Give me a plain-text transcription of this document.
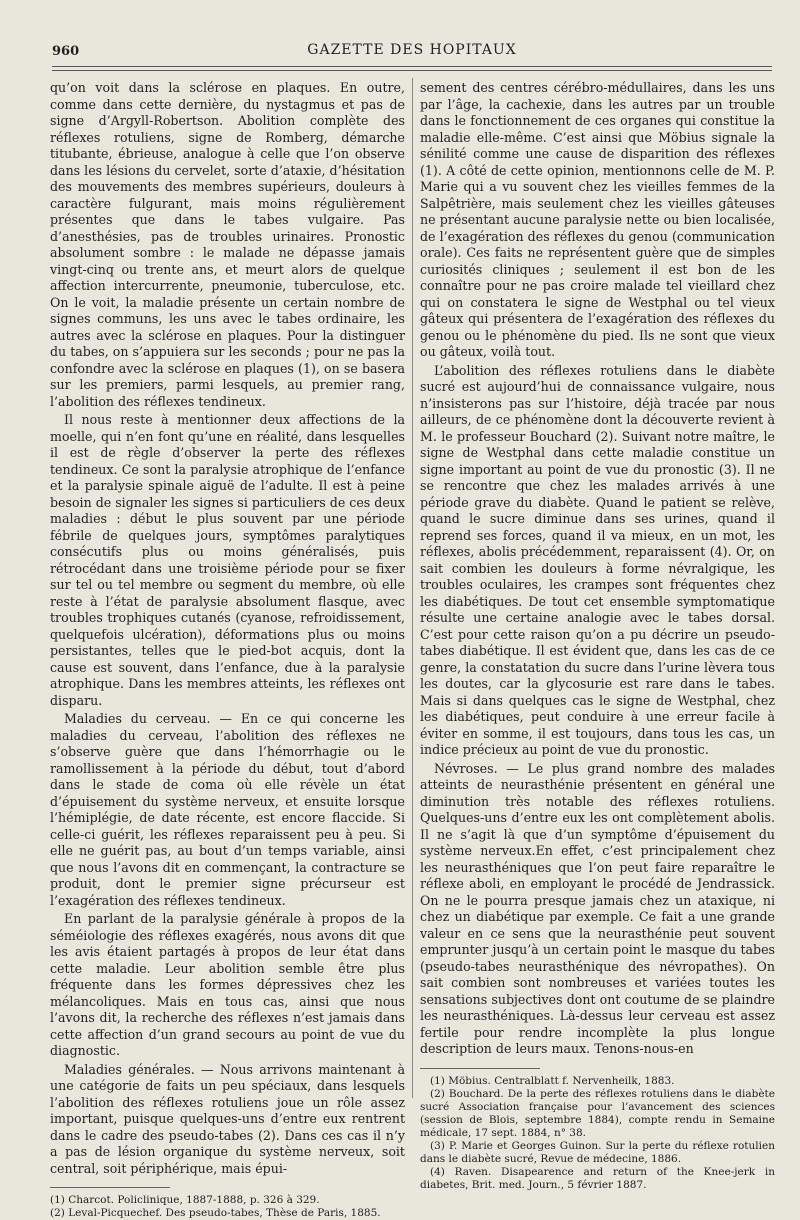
960	GAZETTE DES HOPITAUX

qu’on voit dans la sclérose en plaques. En outre, comme dans cette dernière, du nystagmus et pas de signe d’Argyll-Robertson. Abolition complète des réflexes rotuliens, signe de Romberg, démarche titubante, ébrieuse, analogue à celle que l’on observe dans les lésions du cervelet, sorte d’ataxie, d’hésitation des mouvements des membres supérieurs, douleurs à caractère fulgurant, mais moins régulièrement présentes que dans le tabes vulgaire. Pas d’anesthésies, pas de troubles urinaires. Pronostic absolument sombre : le malade ne dépasse jamais vingt-cinq ou trente ans, et meurt alors de quelque affection intercurrente, pneumonie, tuberculose, etc. On le voit, la maladie présente un certain nombre de signes communs, les uns avec le tabes ordinaire, les autres avec la sclérose en plaques. Pour la distinguer du tabes, on s’appuiera sur les seconds ; pour ne pas la confondre avec la sclérose en plaques (1), on se basera sur les premiers, parmi lesquels, au premier rang, l’abolition des réflexes tendineux.

Il nous reste à mentionner deux affections de la moelle, qui n’en font qu’une en réalité, dans lesquelles il est de règle d’observer la perte des réflexes tendineux. Ce sont la paralysie atrophique de l’enfance et la paralysie spinale aiguë de l’adulte. Il est à peine besoin de signaler les signes si particuliers de ces deux maladies : début le plus souvent par une période fébrile de quelques jours, symptômes paralytiques consécutifs plus ou moins généralisés, puis rétrocédant dans une troisième période pour se fixer sur tel ou tel membre ou segment du membre, où elle reste à l’état de paralysie absolument flasque, avec troubles trophiques cutanés (cyanose, refroidissement, quelquefois ulcération), déformations plus ou moins persistantes, telles que le pied-bot acquis, dont la cause est souvent, dans l’enfance, due à la paralysie atrophique. Dans les membres atteints, les réflexes ont disparu.

Maladies du cerveau. — En ce qui concerne les maladies du cerveau, l’abolition des réflexes ne s’observe guère que dans l’hémorrhagie ou le ramollissement à la période du début, tout d’abord dans le stade de coma où elle révèle un état d’épuisement du système nerveux, et ensuite lorsque l’hémiplégie, de date récente, est encore flaccide. Si celle-ci guérit, les réflexes reparaissent peu à peu. Si elle ne guérit pas, au bout d’un temps variable, ainsi que nous l’avons dit en commençant, la contracture se produit, dont le premier signe précurseur est l’exagération des réflexes tendineux.

En parlant de la paralysie générale à propos de la séméiologie des réflexes exagérés, nous avons dit que les avis étaient partagés à propos de leur état dans cette maladie. Leur abolition semble être plus fréquente dans les formes dépressives chez les mélancoliques. Mais en tous cas, ainsi que nous l’avons dit, la recherche des réflexes n’est jamais dans cette affection d’un grand secours au point de vue du diagnostic.

Maladies générales. — Nous arrivons maintenant à une catégorie de faits un peu spéciaux, dans lesquels l’abolition des réflexes rotuliens joue un rôle assez important, puisque quelques-uns d’entre eux rentrent dans le cadre des pseudo-tabes (2). Dans ces cas il n’y a pas de lésion organique du système nerveux, soit central, soit périphérique, mais épui-

(1) Charcot. Policlinique, 1887-1888, p. 326 à 329.

(2) Leval-Picquechef. Des pseudo-tabes, Thèse de Paris, 1885.

sement des centres cérébro-médullaires, dans les uns par l’âge, la cachexie, dans les autres par un trouble dans le fonctionnement de ces organes qui constitue la maladie elle-même. C’est ainsi que Möbius signale la sénilité comme une cause de disparition des réflexes (1). A côté de cette opinion, mentionnons celle de M. P. Marie qui a vu souvent chez les vieilles femmes de la Salpêtrière, mais seulement chez les vieilles gâteuses ne présentant aucune paralysie nette ou bien localisée, de l’exagération des réflexes du genou (communication orale). Ces faits ne représentent guère que de simples curiosités cliniques ; seulement il est bon de les connaître pour ne pas croire malade tel vieillard chez qui on constatera le signe de Westphal ou tel vieux gâteux qui présentera de l’exagération des réflexes du genou ou le phénomène du pied. Ils ne sont que vieux ou gâteux, voilà tout.

L’abolition des réflexes rotuliens dans le diabète sucré est aujourd’hui de connaissance vulgaire, nous n’insisterons pas sur l’histoire, déjà tracée par nous ailleurs, de ce phénomène dont la découverte revient à M. le professeur Bouchard (2). Suivant notre maître, le signe de Westphal dans cette maladie constitue un signe important au point de vue du pronostic (3). Il ne se rencontre que chez les malades arrivés à une période grave du diabète. Quand le patient se relève, quand le sucre diminue dans ses urines, quand il reprend ses forces, quand il va mieux, en un mot, les réflexes, abolis précédemment, reparaissent (4). Or, on sait combien les douleurs à forme névralgique, les troubles oculaires, les crampes sont fréquentes chez les diabétiques. De tout cet ensemble symptomatique résulte une certaine analogie avec le tabes dorsal. C’est pour cette raison qu’on a pu décrire un pseudo-tabes diabétique. Il est évident que, dans les cas de ce genre, la constatation du sucre dans l’urine lèvera tous les doutes, car la glycosurie est rare dans le tabes. Mais si dans quelques cas le signe de Westphal, chez les diabétiques, peut conduire à une erreur facile à éviter en somme, il est toujours, dans tous les cas, un indice précieux au point de vue du pronostic.

Névroses. — Le plus grand nombre des malades atteints de neurasthénie présentent en général une diminution très notable des réflexes rotuliens. Quelques-uns d’entre eux les ont complètement abolis. Il ne s’agit là que d’un symptôme d’épuisement du système nerveux.En effet, c’est principalement chez les neurasthéniques que l’on peut faire reparaître le réflexe aboli, en employant le procédé de Jendrassick. On ne le pourra presque jamais chez un ataxique, ni chez un diabétique par exemple. Ce fait a une grande valeur en ce sens que la neurasthénie peut souvent emprunter jusqu’à un certain point le masque du tabes (pseudo-tabes neurasthénique des névropathes). On sait combien sont nombreuses et variées toutes les sensations subjectives dont ont coutume de se plaindre les neurasthéniques. Là-dessus leur cerveau est assez fertile pour rendre incomplète la plus longue description de leurs maux. Tenons-nous-en

(1) Möbius. Centralblatt f. Nervenheilk, 1883.

(2) Bouchard. De la perte des réflexes rotuliens dans le diabète sucré Association française pour l’avancement des sciences (session de Blois, septembre 1884), compte rendu in Semaine médicale, 17 sept. 1884, n° 38.

(3) P. Marie et Georges Guinon. Sur la perte du réflexe rotulien dans le diabète sucré, Revue de médecine, 1886.

(4) Raven. Disapearence and return of the Knee-jerk in diabetes, Brit. med. Journ., 5 février 1887.
